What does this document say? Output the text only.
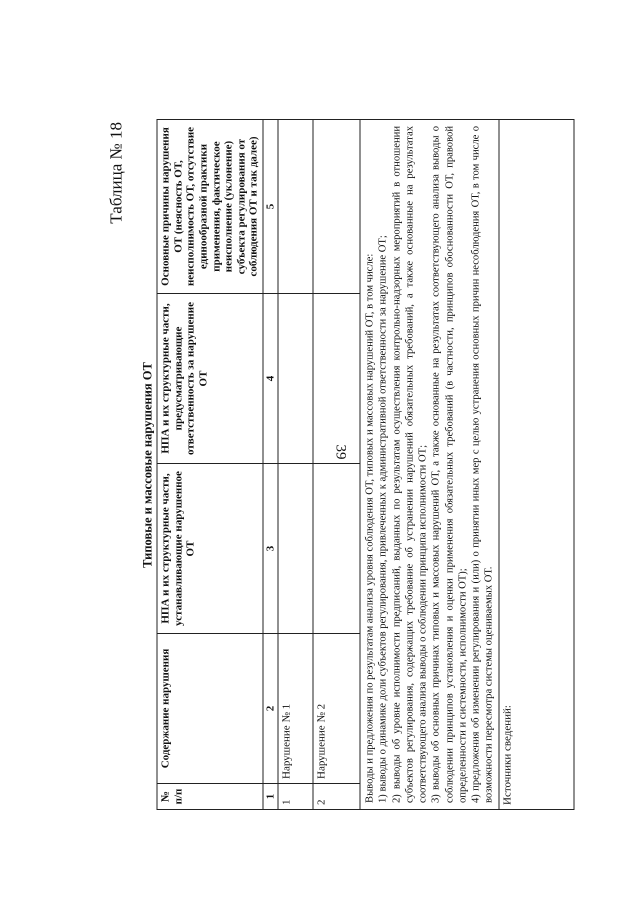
39
Таблица № 18
Типовые и массовые нарушения ОТ
№ п/п	Содержание нарушения	НПА и их структурные части, устанавливающие нарушенное ОТ	НПА и их структурные части, предусматривающие ответственность за нарушение ОТ	Основные причины нарушения ОТ (неясность ОТ, неисполнимость ОТ, отсутствие единообразной практики применения, фактическое неисполнение (уклонение) субъекта регулирования от соблюдения ОТ и так далее)
1	2	3	4	5
1	Нарушение № 1			
2	Нарушение № 2			

Выводы и предложения по результатам анализа уровня соблюдения ОТ, типовых и массовых нарушений ОТ, в том числе: 1) выводы о динамике доли субъектов регулирования, привлеченных к административной ответственности за нарушение ОТ; 2) выводы об уровне исполнимости предписаний, выданных по результатам осуществления контрольно-надзорных мероприятий в отношении субъектов регулирования, содержащих требование об устранении нарушений обязательных требований, а также основанные на результатах соответствующего анализа выводы о соблюдении принципа исполнимости ОТ; 3) выводы об основных причинах типовых и массовых нарушений ОТ, а также основанные на результатах соответствующего анализа выводы о соблюдении принципов установления и оценки применения обязательных требований (в частности, принципов обоснованности ОТ, правовой определенности и системности, исполнимости ОТ); 4) предложения об изменении регулирования и (или) о принятии иных мер с целью устранения основных причин несоблюдения ОТ, в том числе о возможности пересмотра системы оцениваемых ОТ.				

Источники сведений:				
